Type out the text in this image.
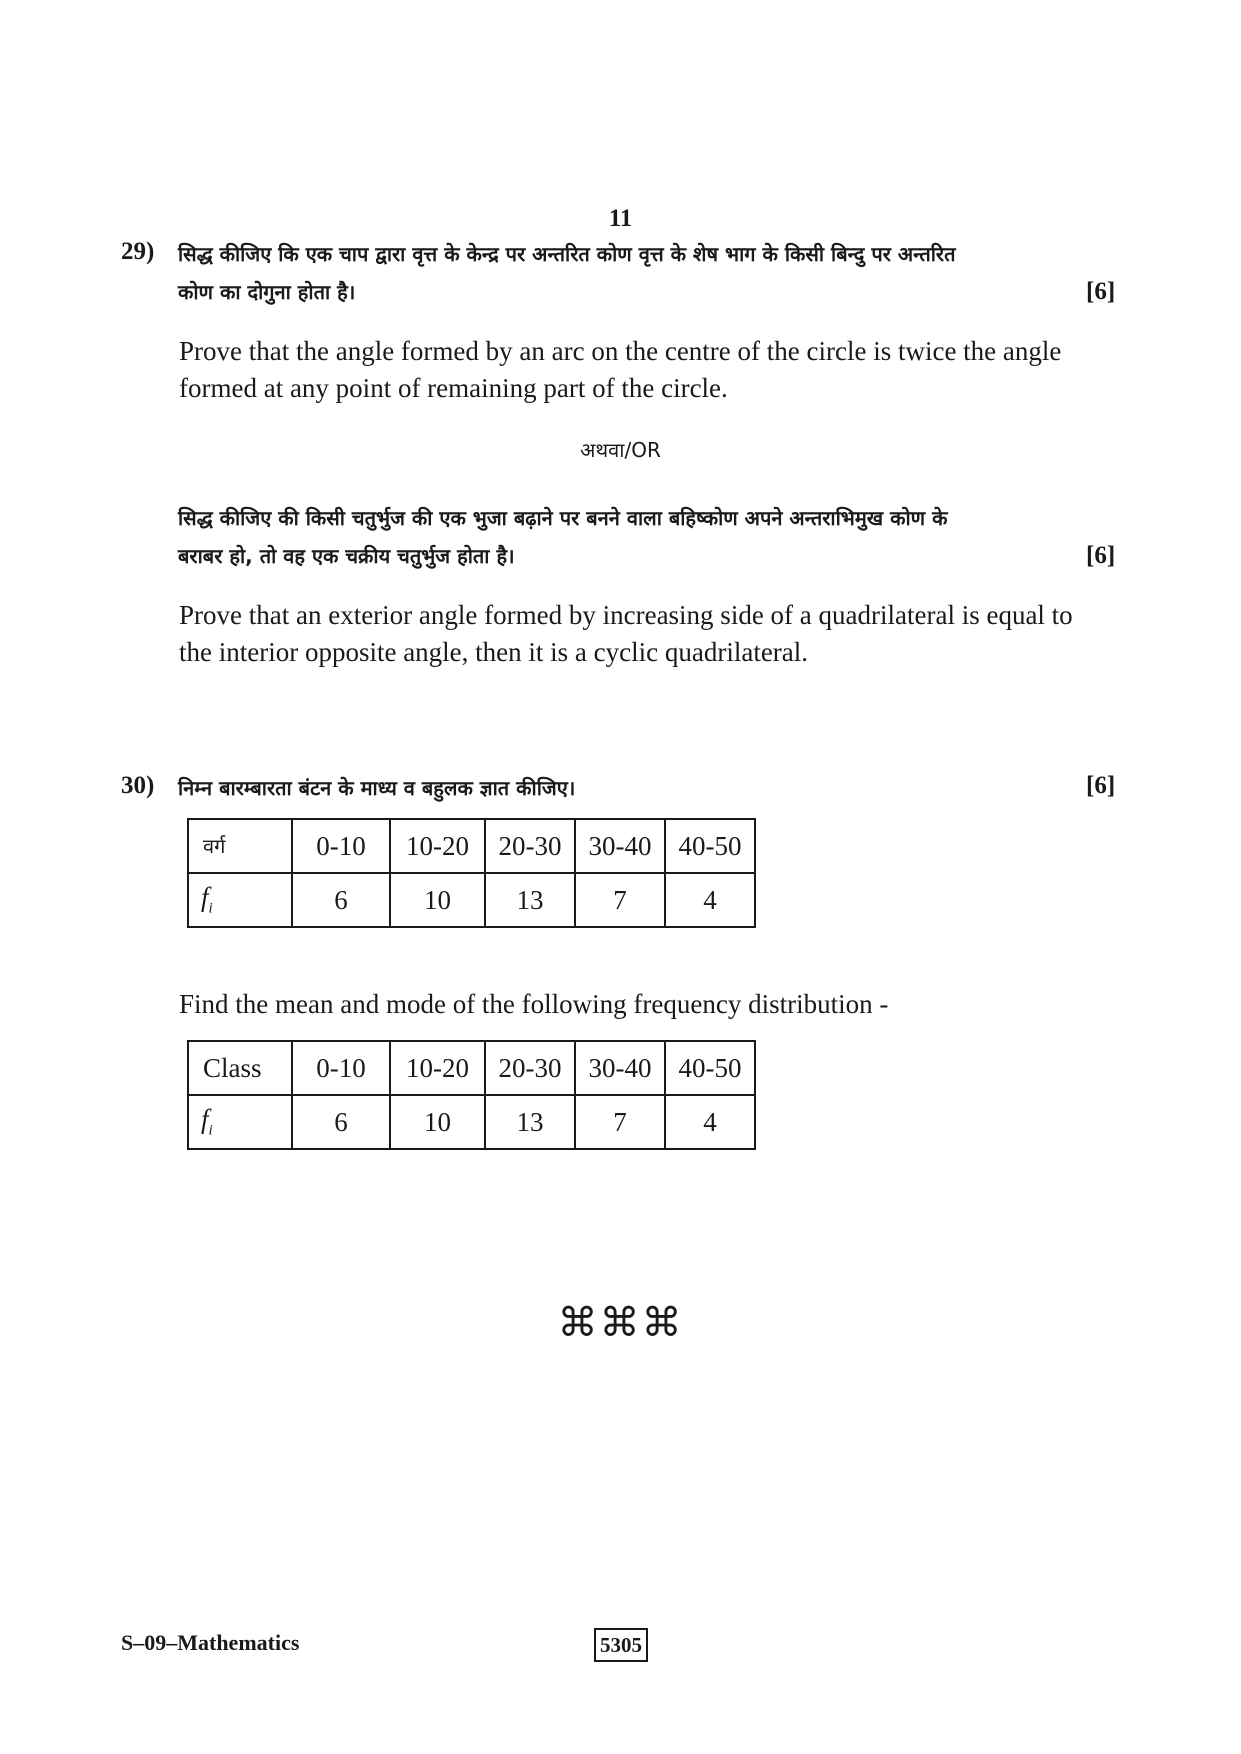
11
29) सिद्ध कीजिए कि एक चाप द्वारा वृत्त के केन्द्र पर अन्तरित कोण वृत्त के शेष भाग के किसी बिन्दु पर अन्तरित
कोण का दोगुना होता है।	[6]
Prove that the angle formed by an arc on the centre of the circle is twice the angle
formed at any point of remaining part of the circle.
अथवा/OR
सिद्ध कीजिए की किसी चतुर्भुज की एक भुजा बढ़ाने पर बनने वाला बहिष्कोण अपने अन्तराभिमुख कोण के
बराबर हो, तो वह एक चक्रीय चतुर्भुज होता है।	[6]
Prove that an exterior angle formed by increasing side of a quadrilateral is equal to
the interior opposite angle, then it is a cyclic quadrilateral.
30) निम्न बारम्बारता बंटन के माध्य व बहुलक ज्ञात कीजिए।	[6]
वर्ग	0-10	10-20	20-30	30-40	40-50
$f_i$	6	10	13	7	4
Find the mean and mode of the following frequency distribution -
Class	0-10	10-20	20-30	30-40	40-50
$f_i$	6	10	13	7	4
⌘⌘⌘
S–09–Mathematics	5305
